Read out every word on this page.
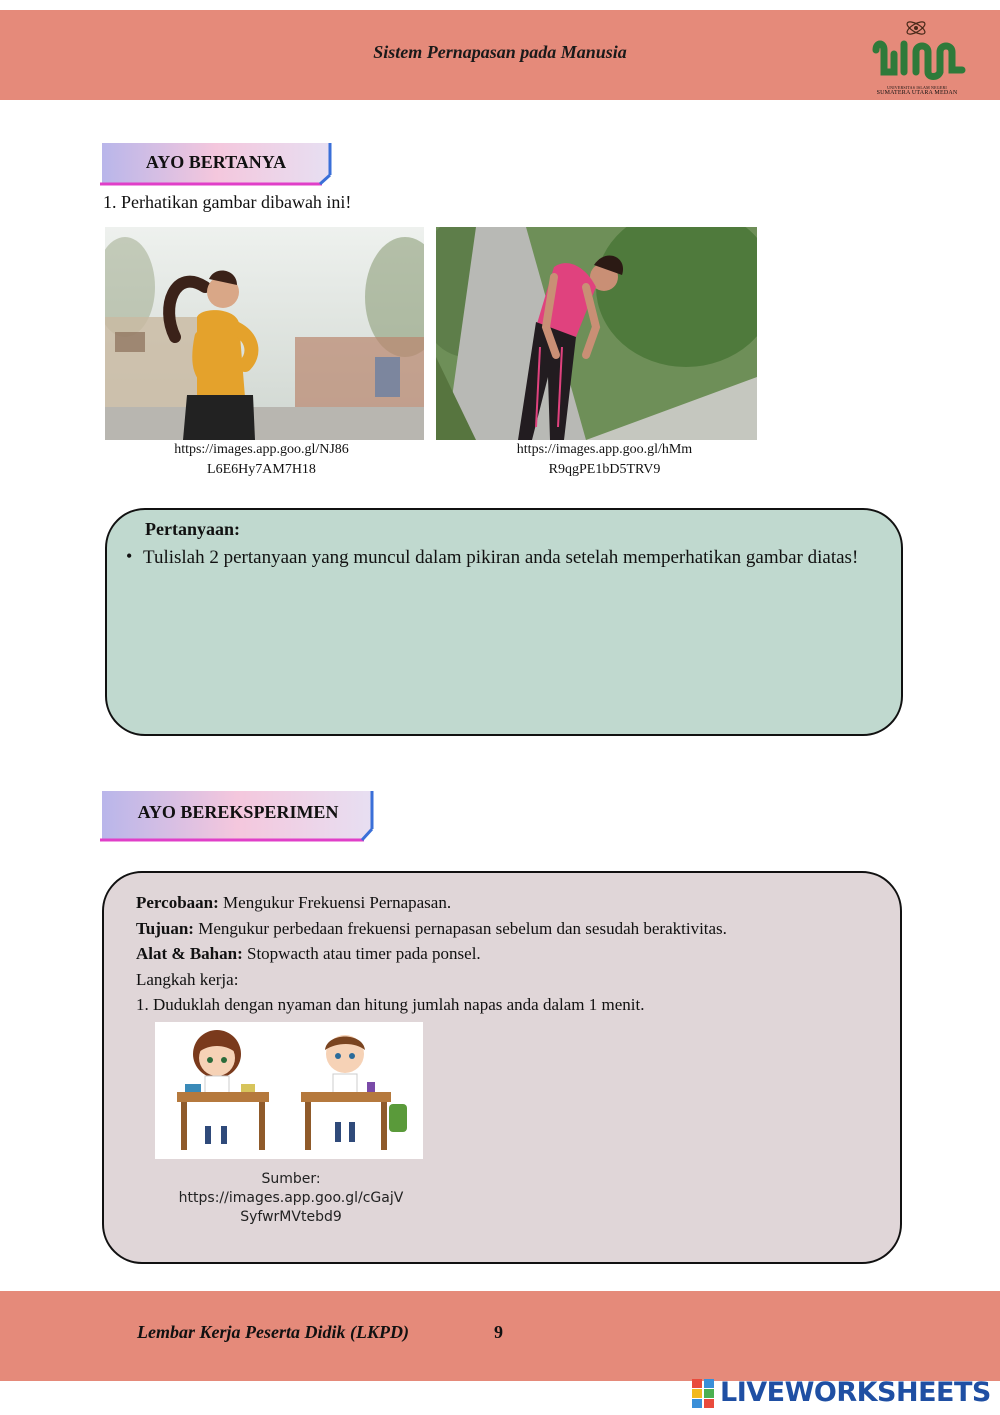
Sistem Pernapasan pada Manusia
UNIVERSITAS ISLAM NEGERI
SUMATERA UTARA MEDAN
AYO BERTANYA
1. Perhatikan gambar dibawah ini!
https://images.app.goo.gl/NJ86
L6E6Hy7AM7H18
https://images.app.goo.gl/hMm
R9qgPE1bD5TRV9
Pertanyaan:
• Tulislah 2 pertanyaan yang muncul dalam pikiran anda setelah memperhatikan gambar diatas!
AYO BEREKSPERIMEN
Percobaan: Mengukur Frekuensi Pernapasan.
Tujuan: Mengukur perbedaan frekuensi pernapasan sebelum dan sesudah beraktivitas.
Alat & Bahan: Stopwacth atau timer pada ponsel.
Langkah kerja:
1. Duduklah dengan nyaman dan hitung jumlah napas anda dalam 1 menit.
Sumber:
https://images.app.goo.gl/cGajV
SyfwrMVtebd9
Lembar Kerja Peserta Didik (LKPD)	9
LIVEWORKSHEETS
